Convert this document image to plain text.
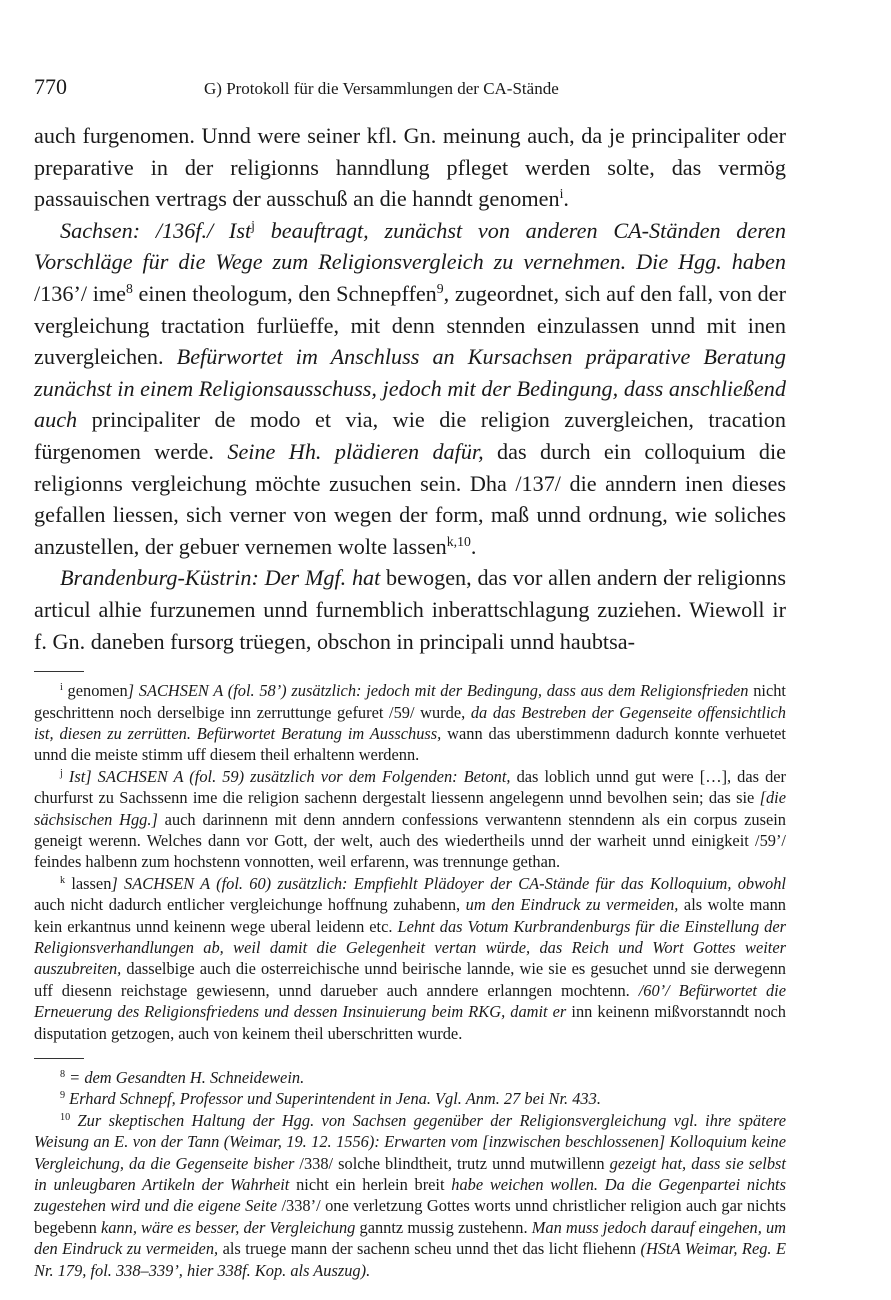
770	G) Protokoll für die Versammlungen der CA-Stände

auch furgenomen. Unnd were seiner kfl. Gn. meinung auch, da je principaliter oder preparative in der religionns hanndlung pfleget werden solte, das vermög passauischen vertrags der ausschuß an die hanndt genomen$^i$.

Sachsen: /136f./ Ist$^j$ beauftragt, zunächst von anderen CA-Ständen deren Vorschläge für die Wege zum Religionsvergleich zu vernehmen. Die Hgg. haben /136’/ ime$^8$ einen theologum, den Schnepffen$^9$, zugeordnet, sich auf den fall, von der vergleichung tractation furlüeffe, mit denn stennden einzulassen unnd mit inen zuvergleichen. Befürwortet im Anschluss an Kursachsen präparative Beratung zunächst in einem Religionsausschuss, jedoch mit der Bedingung, dass anschließend auch principaliter de modo et via, wie die religion zuvergleichen, tracation fürgenomen werde. Seine Hh. plädieren dafür, das durch ein colloquium die religionns vergleichung möchte zusuchen sein. Dha /137/ die anndern inen dieses gefallen liessen, sich verner von wegen der form, maß unnd ordnung, wie soliches anzustellen, der gebuer vernemen wolte lassen$^{k,10}$.

Brandenburg-Küstrin: Der Mgf. hat bewogen, das vor allen andern der religionns articul alhie furzunemen unnd furnemblich inberattschlagung zuziehen. Wiewoll ir f. Gn. daneben fursorg trüegen, obschon in principali unnd haubtsa-

$^i$ genomen] SACHSEN A (fol. 58’) zusätzlich: jedoch mit der Bedingung, dass aus dem Religionsfrieden nicht geschrittenn noch derselbige inn zerruttunge gefuret /59/ wurde, da das Bestreben der Gegenseite offensichtlich ist, diesen zu zerrütten. Befürwortet Beratung im Ausschuss, wann das uberstimmenn dadurch konnte verhuetet unnd die meiste stimm uff diesem theil erhaltenn werdenn.

$^j$ Ist] SACHSEN A (fol. 59) zusätzlich vor dem Folgenden: Betont, das loblich unnd gut were […], das der churfurst zu Sachssenn ime die religion sachenn dergestalt liessenn angelegenn unnd bevolhen sein; das sie [die sächsischen Hgg.] auch darinnenn mit denn anndern confessions verwantenn stenndenn als ein corpus zusein geneigt werenn. Welches dann vor Gott, der welt, auch des wiedertheils unnd der warheit unnd einigkeit /59’/ feindes halbenn zum hochstenn vonnotten, weil erfarenn, was trennunge gethan.

$^k$ lassen] SACHSEN A (fol. 60) zusätzlich: Empfiehlt Plädoyer der CA-Stände für das Kolloquium, obwohl auch nicht dadurch entlicher vergleichunge hoffnung zuhabenn, um den Eindruck zu vermeiden, als wolte mann kein erkantnus unnd keinenn wege uberal leidenn etc. Lehnt das Votum Kurbrandenburgs für die Einstellung der Religionsverhandlungen ab, weil damit die Gelegenheit vertan würde, das Reich und Wort Gottes weiter auszubreiten, dasselbige auch die osterreichische unnd beirische lannde, wie sie es gesuchet unnd sie derwegenn uff diesenn reichstage gewiesenn, unnd darueber auch anndere erlanngen mochtenn. /60’/ Befürwortet die Erneuerung des Religionsfriedens und dessen Insinuierung beim RKG, damit er inn keinenn mißvorstanndt noch disputation getzogen, auch von keinem theil uberschritten wurde.

$^8$ = dem Gesandten H. Schneidewein.

$^9$ Erhard Schnepf, Professor und Superintendent in Jena. Vgl. Anm. 27 bei Nr. 433.

$^{10}$ Zur skeptischen Haltung der Hgg. von Sachsen gegenüber der Religionsvergleichung vgl. ihre spätere Weisung an E. von der Tann (Weimar, 19. 12. 1556): Erwarten vom [inzwischen beschlossenen] Kolloquium keine Vergleichung, da die Gegenseite bisher /338/ solche blindtheit, trutz unnd mutwillenn gezeigt hat, dass sie selbst in unleugbaren Artikeln der Wahrheit nicht ein herlein breit habe weichen wollen. Da die Gegenpartei nichts zugestehen wird und die eigene Seite /338’/ one verletzung Gottes worts unnd christlicher religion auch gar nichts begebenn kann, wäre es besser, der Vergleichung ganntz mussig zustehenn. Man muss jedoch darauf eingehen, um den Eindruck zu vermeiden, als truege mann der sachenn scheu unnd thet das licht fliehenn (HStA Weimar, Reg. E Nr. 179, fol. 338–339’, hier 338f. Kop. als Auszug).
